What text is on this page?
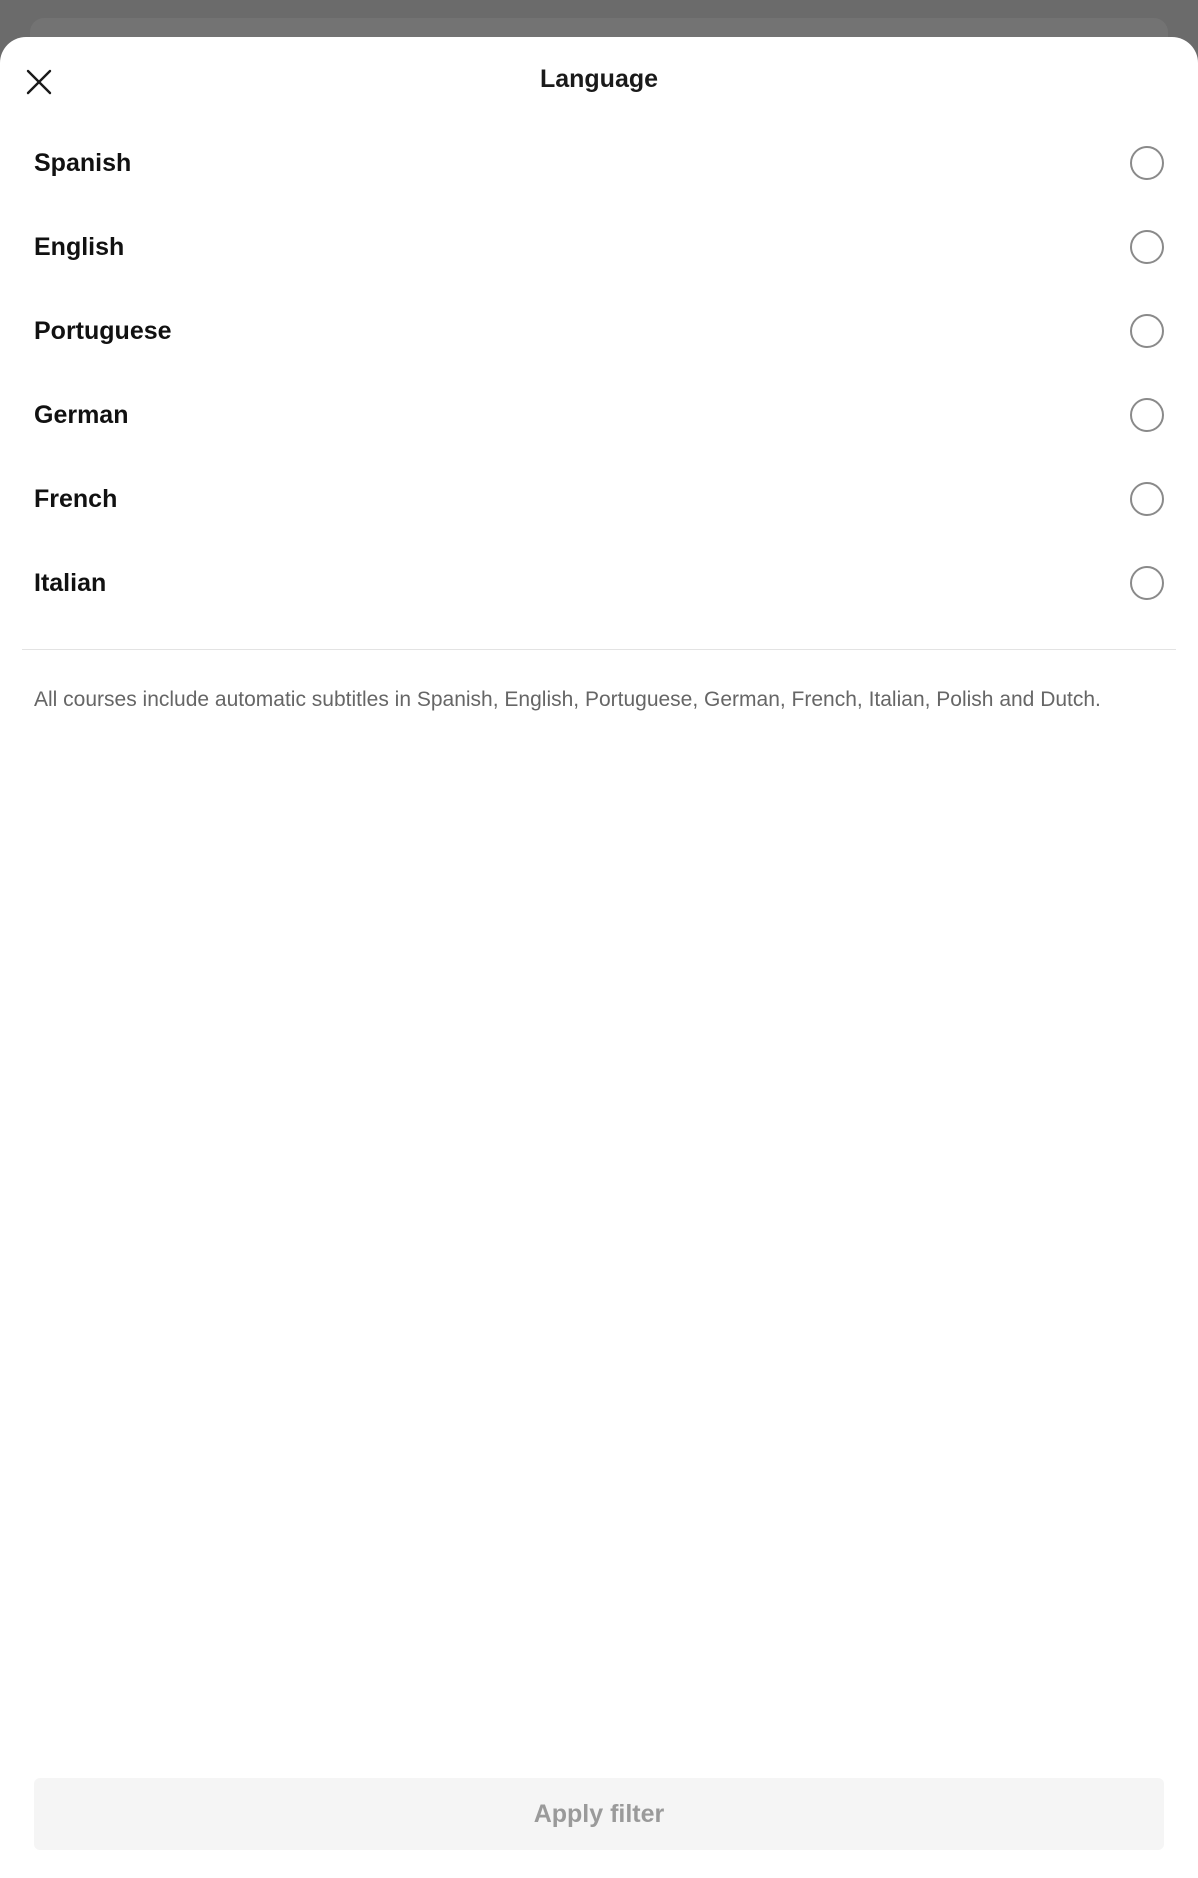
Language
Spanish
English
Portuguese
German
French
Italian
All courses include automatic subtitles in Spanish, English, Portuguese, German, French, Italian, Polish and Dutch.
Apply filter
